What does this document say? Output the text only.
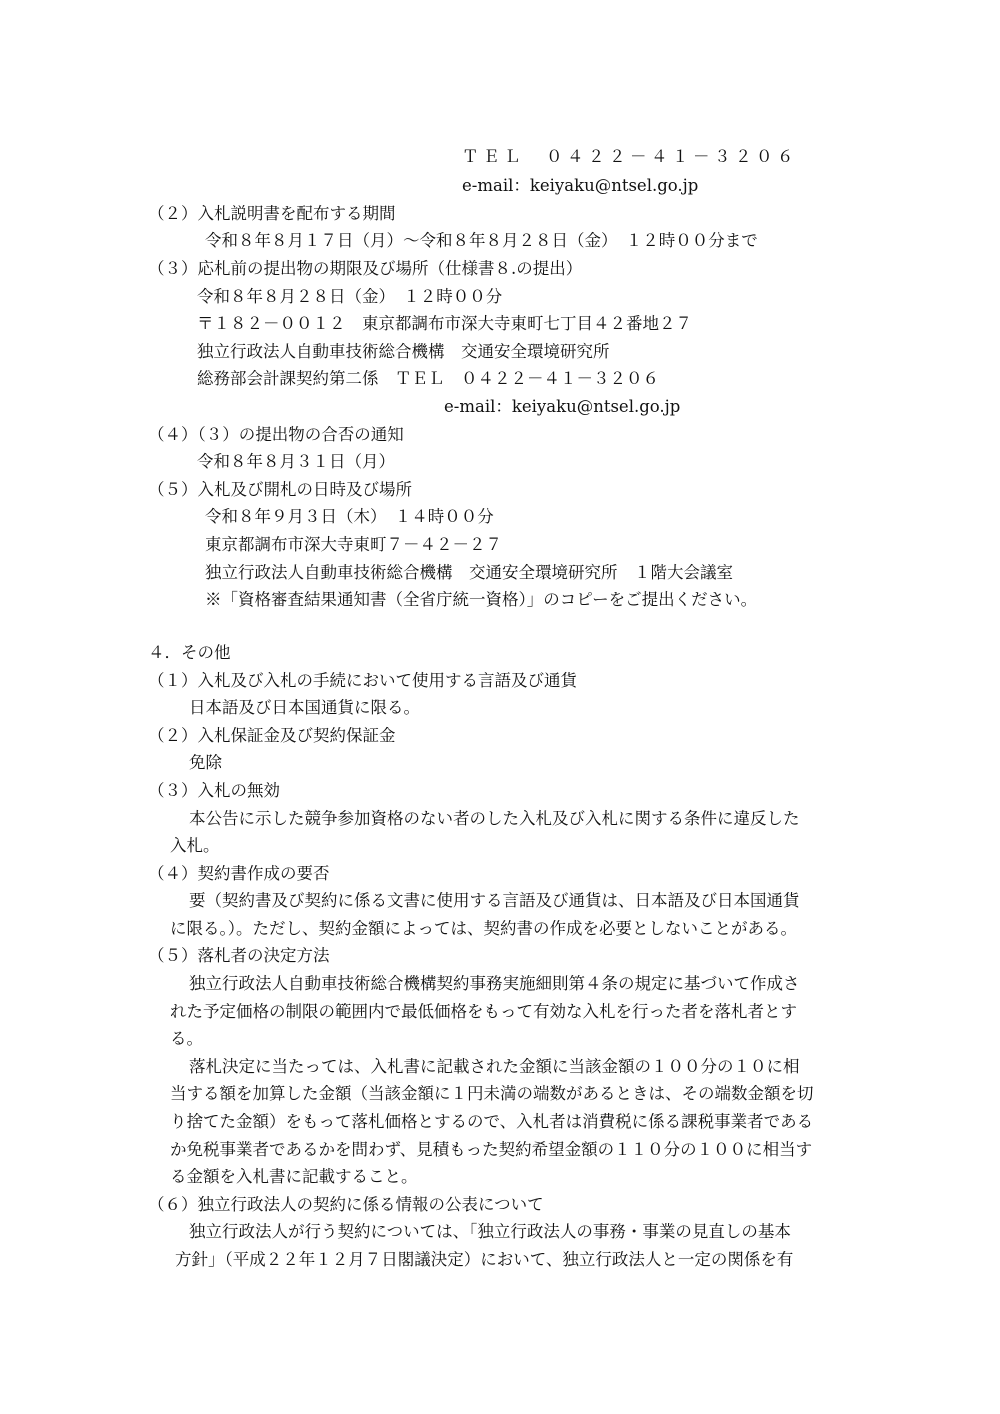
ＴＥＬ　０４２２－４１－３２０６
e-mail：keiyaku@ntsel.go.jp
（２）入札説明書を配布する期間
令和８年８月１７日（月）～令和８年８月２８日（金）　１２時００分まで
（３）応札前の提出物の期限及び場所（仕様書８.の提出）
令和８年８月２８日（金）　１２時００分
〒１８２－００１２　東京都調布市深大寺東町七丁目４２番地２７
独立行政法人自動車技術総合機構　交通安全環境研究所
総務部会計課契約第二係　ＴＥＬ　０４２２－４１－３２０６
e-mail：keiyaku@ntsel.go.jp
（４）（３）の提出物の合否の通知
令和８年８月３１日（月）
（５）入札及び開札の日時及び場所
令和８年９月３日（木）　１４時００分
東京都調布市深大寺東町７－４２－２７
独立行政法人自動車技術総合機構　交通安全環境研究所　１階大会議室
※「資格審査結果通知書（全省庁統一資格）」のコピーをご提出ください。
４．その他
（１）入札及び入札の手続において使用する言語及び通貨
日本語及び日本国通貨に限る。
（２）入札保証金及び契約保証金
免除
（３）入札の無効
本公告に示した競争参加資格のない者のした入札及び入札に関する条件に違反した
入札。
（４）契約書作成の要否
要（契約書及び契約に係る文書に使用する言語及び通貨は、日本語及び日本国通貨
に限る。）。ただし、契約金額によっては、契約書の作成を必要としないことがある。
（５）落札者の決定方法
独立行政法人自動車技術総合機構契約事務実施細則第４条の規定に基づいて作成さ
れた予定価格の制限の範囲内で最低価格をもって有効な入札を行った者を落札者とす
る。
落札決定に当たっては、入札書に記載された金額に当該金額の１００分の１０に相
当する額を加算した金額（当該金額に１円未満の端数があるときは、その端数金額を切
り捨てた金額）をもって落札価格とするので、入札者は消費税に係る課税事業者である
か免税事業者であるかを問わず、見積もった契約希望金額の１１０分の１００に相当す
る金額を入札書に記載すること。
（６）独立行政法人の契約に係る情報の公表について
独立行政法人が行う契約については、「独立行政法人の事務・事業の見直しの基本
方針」（平成２２年１２月７日閣議決定）において、独立行政法人と一定の関係を有
